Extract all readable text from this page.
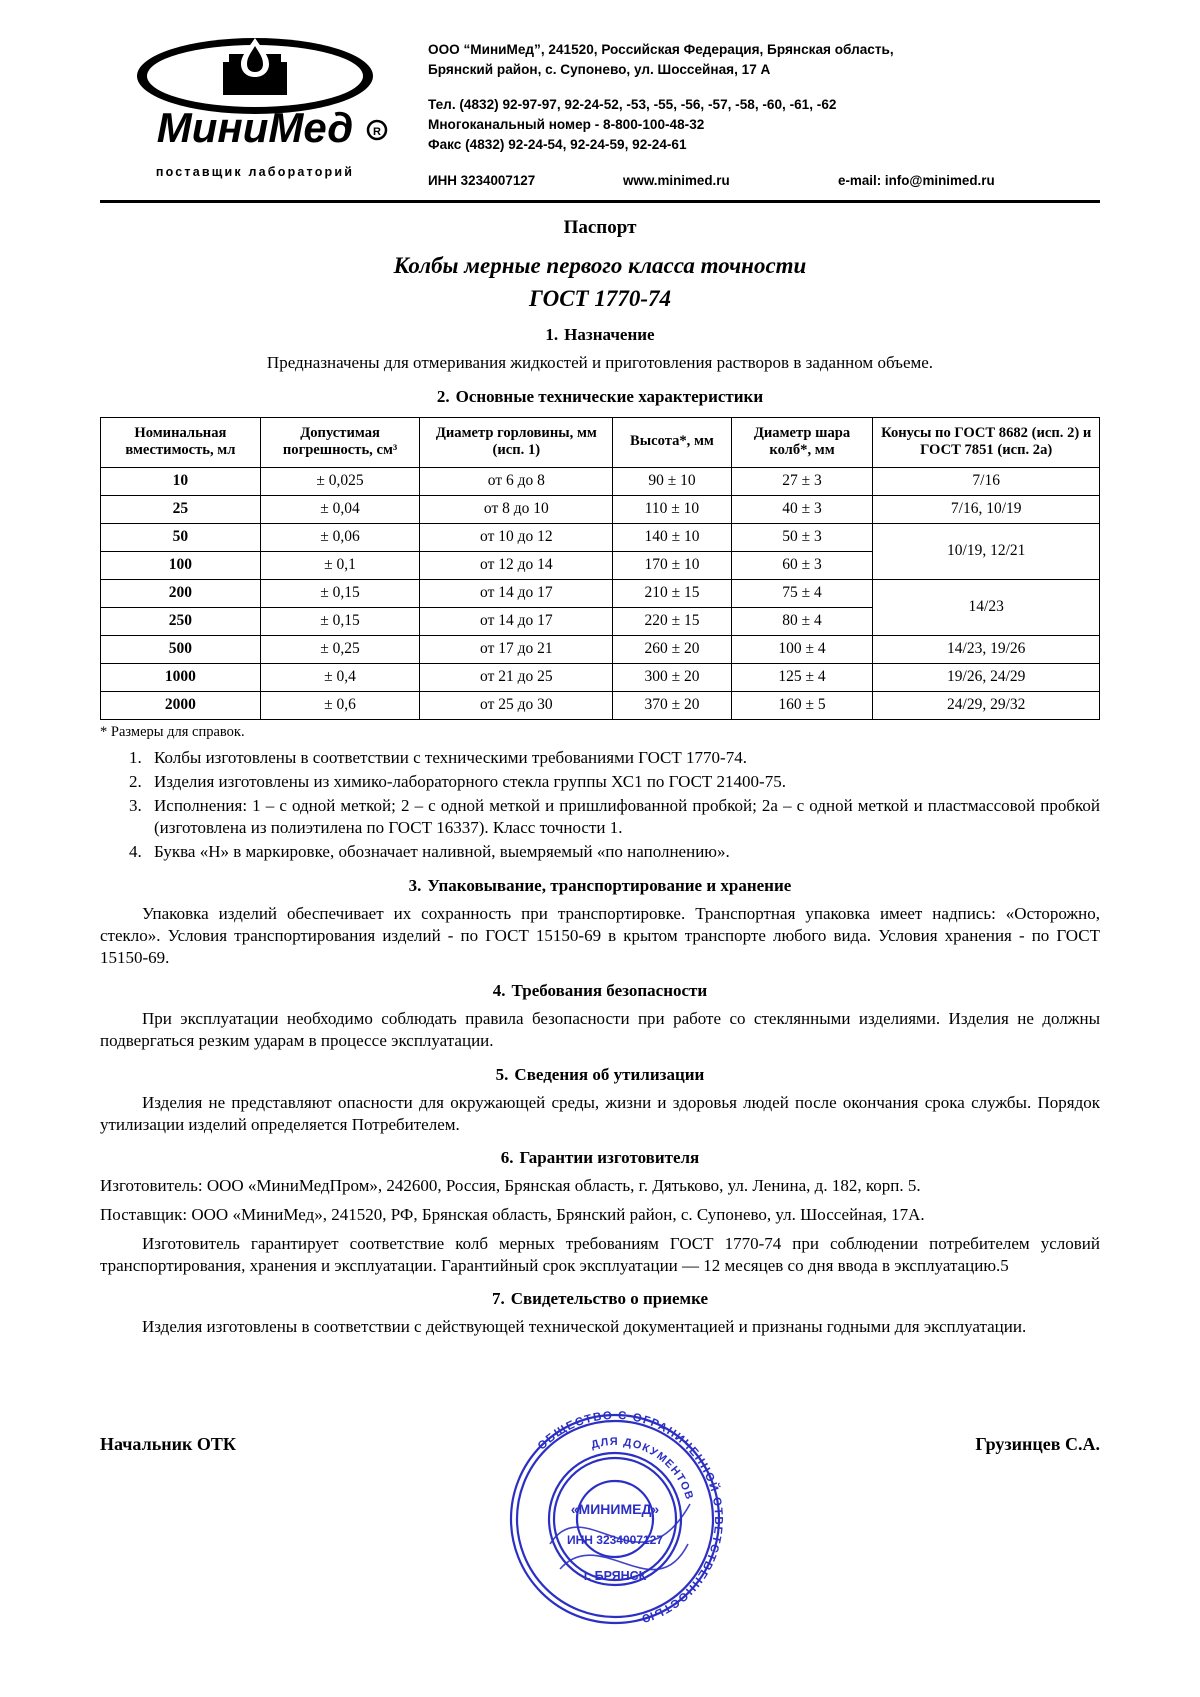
МиниМед R
поставщик лабораторий
ООО “МиниМед”, 241520, Российская Федерация, Брянская область,
Брянский район, с. Супонево, ул. Шоссейная, 17 А
Тел. (4832) 92-97-97, 92-24-52, -53, -55, -56, -57, -58, -60, -61, -62
Многоканальный номер - 8-800-100-48-32
Факс (4832) 92-24-54, 92-24-59, 92-24-61
ИНН 3234007127	www.minimed.ru	e-mail: info@minimed.ru
Паспорт
Колбы мерные первого класса точности
ГОСТ 1770-74
1. Назначение
Предназначены для отмеривания жидкостей и приготовления растворов в заданном объеме.
2. Основные технические характеристики
Номинальная вместимость, мл	Допустимая погрешность, см³	Диаметр горловины, мм (исп. 1)	Высота*, мм	Диаметр шара колб*, мм	Конусы по ГОСТ 8682 (исп. 2) и ГОСТ 7851 (исп. 2а)
10	± 0,025	от 6 до 8	90 ± 10	27 ± 3	7/16
25	± 0,04	от 8 до 10	110 ± 10	40 ± 3	7/16, 10/19
50	± 0,06	от 10 до 12	140 ± 10	50 ± 3	10/19, 12/21
100	± 0,1	от 12 до 14	170 ± 10	60 ± 3	
200	± 0,15	от 14 до 17	210 ± 15	75 ± 4	14/23
250	± 0,15	от 14 до 17	220 ± 15	80 ± 4	
500	± 0,25	от 17 до 21	260 ± 20	100 ± 4	14/23, 19/26
1000	± 0,4	от 21 до 25	300 ± 20	125 ± 4	19/26, 24/29
2000	± 0,6	от 25 до 30	370 ± 20	160 ± 5	24/29, 29/32
* Размеры для справок.
1. Колбы изготовлены в соответствии с техническими требованиями ГОСТ 1770-74.
2. Изделия изготовлены из химико-лабораторного стекла группы ХС1 по ГОСТ 21400-75.
3. Исполнения: 1 – с одной меткой; 2 – с одной меткой и пришлифованной пробкой; 2а – с одной меткой и пластмассовой пробкой (изготовлена из полиэтилена по ГОСТ 16337). Класс точности 1.
4. Буква «Н» в маркировке, обозначает наливной, выемряемый «по наполнению».
3. Упаковывание, транспортирование и хранение
Упаковка изделий обеспечивает их сохранность при транспортировке. Транспортная упаковка имеет надпись: «Осторожно, стекло». Условия транспортирования изделий - по ГОСТ 15150-69 в крытом транспорте любого вида. Условия хранения - по ГОСТ 15150-69.
4. Требования безопасности
При эксплуатации необходимо соблюдать правила безопасности при работе со стеклянными изделиями. Изделия не должны подвергаться резким ударам в процессе эксплуатации.
5. Сведения об утилизации
Изделия не представляют опасности для окружающей среды, жизни и здоровья людей после окончания срока службы. Порядок утилизации изделий определяется Потребителем.
6. Гарантии изготовителя
Изготовитель: ООО «МиниМедПром», 242600, Россия, Брянская область, г. Дятьково, ул. Ленина, д. 182, корп. 5.
Поставщик: ООО «МиниМед», 241520, РФ, Брянская область, Брянский район, с. Супонево, ул. Шоссейная, 17А.
Изготовитель гарантирует соответствие колб мерных требованиям ГОСТ 1770-74 при соблюдении потребителем условий транспортирования, хранения и эксплуатации. Гарантийный срок эксплуатации — 12 месяцев со дня ввода в эксплуатацию.5
7. Свидетельство о приемке
Изделия изготовлены в соответствии с действующей технической документацией и признаны годными для эксплуатации.
Начальник ОТК	ОБЩЕСТВО С ОГРАНИЧЕННОЙ ОТВЕТСТВЕННОСТЬЮ
ДЛЯ ДОКУМЕНТОВ
«МИНИМЕД»
ИНН 3234007127
г. БРЯНСК
Грузинцев С.А.
